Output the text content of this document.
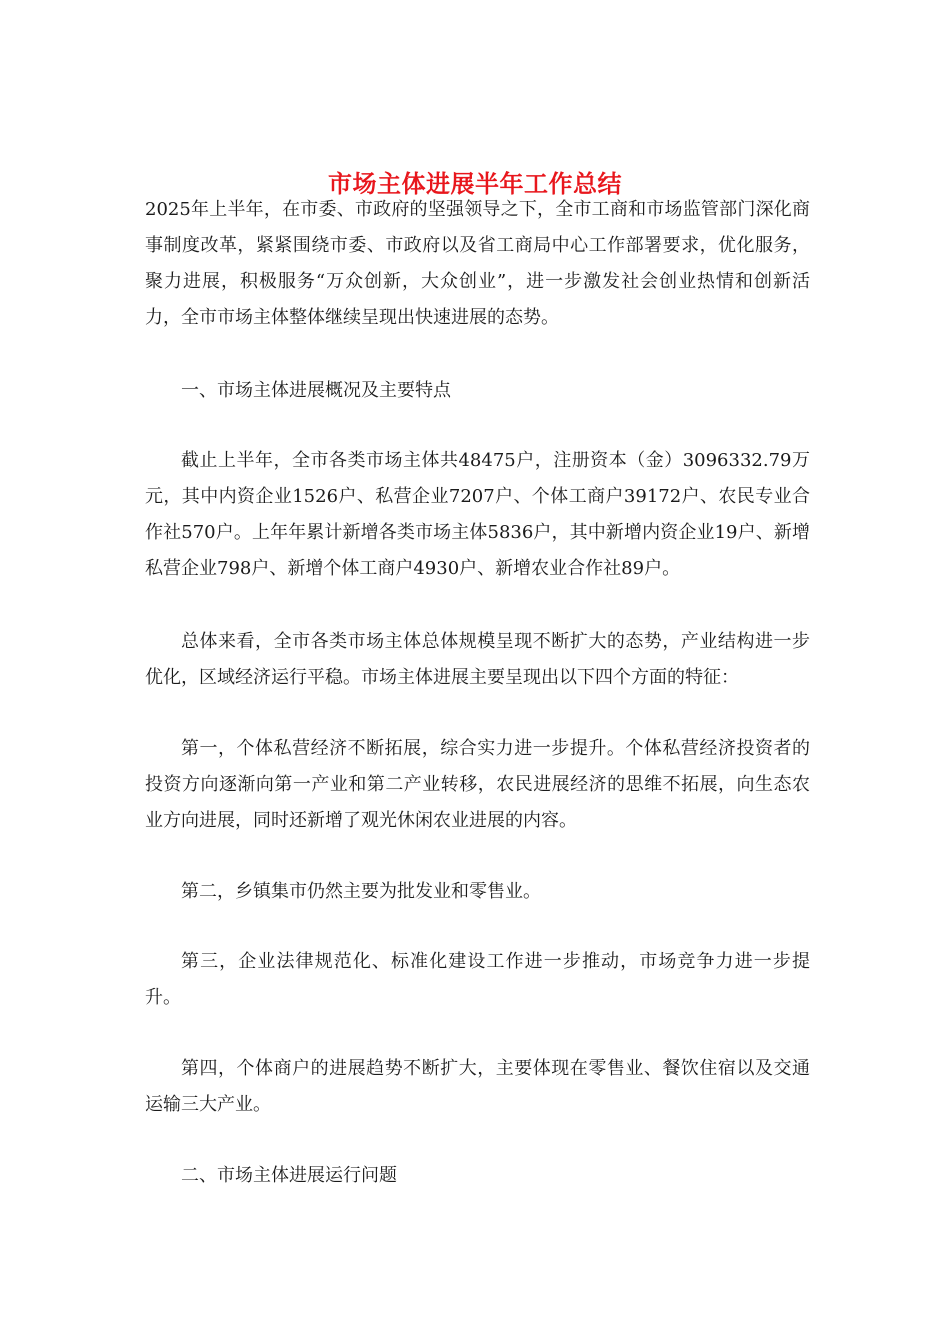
市场主体进展半年工作总结

2025年上半年，在市委、市政府的坚强领导之下，全市工商和市场监管部门深化商事制度改革，紧紧围绕市委、市政府以及省工商局中心工作部署要求，优化服务，聚力进展，积极服务“万众创新，大众创业”，进一步激发社会创业热情和创新活力，全市市场主体整体继续呈现出快速进展的态势。

一、市场主体进展概况及主要特点

截止上半年，全市各类市场主体共48475户，注册资本（金）3096332.79万元，其中内资企业1526户、私营企业7207户、个体工商户39172户、农民专业合作社570户。上年年累计新增各类市场主体5836户，其中新增内资企业19户、新增私营企业798户、新增个体工商户4930户、新增农业合作社89户。

总体来看，全市各类市场主体总体规模呈现不断扩大的态势，产业结构进一步优化，区域经济运行平稳。市场主体进展主要呈现出以下四个方面的特征：

第一，个体私营经济不断拓展，综合实力进一步提升。个体私营经济投资者的投资方向逐渐向第一产业和第二产业转移，农民进展经济的思维不拓展，向生态农业方向进展，同时还新增了观光休闲农业进展的内容。

第二，乡镇集市仍然主要为批发业和零售业。

第三，企业法律规范化、标准化建设工作进一步推动，市场竞争力进一步提升。

第四，个体商户的进展趋势不断扩大，主要体现在零售业、餐饮住宿以及交通运输三大产业。

二、市场主体进展运行问题
